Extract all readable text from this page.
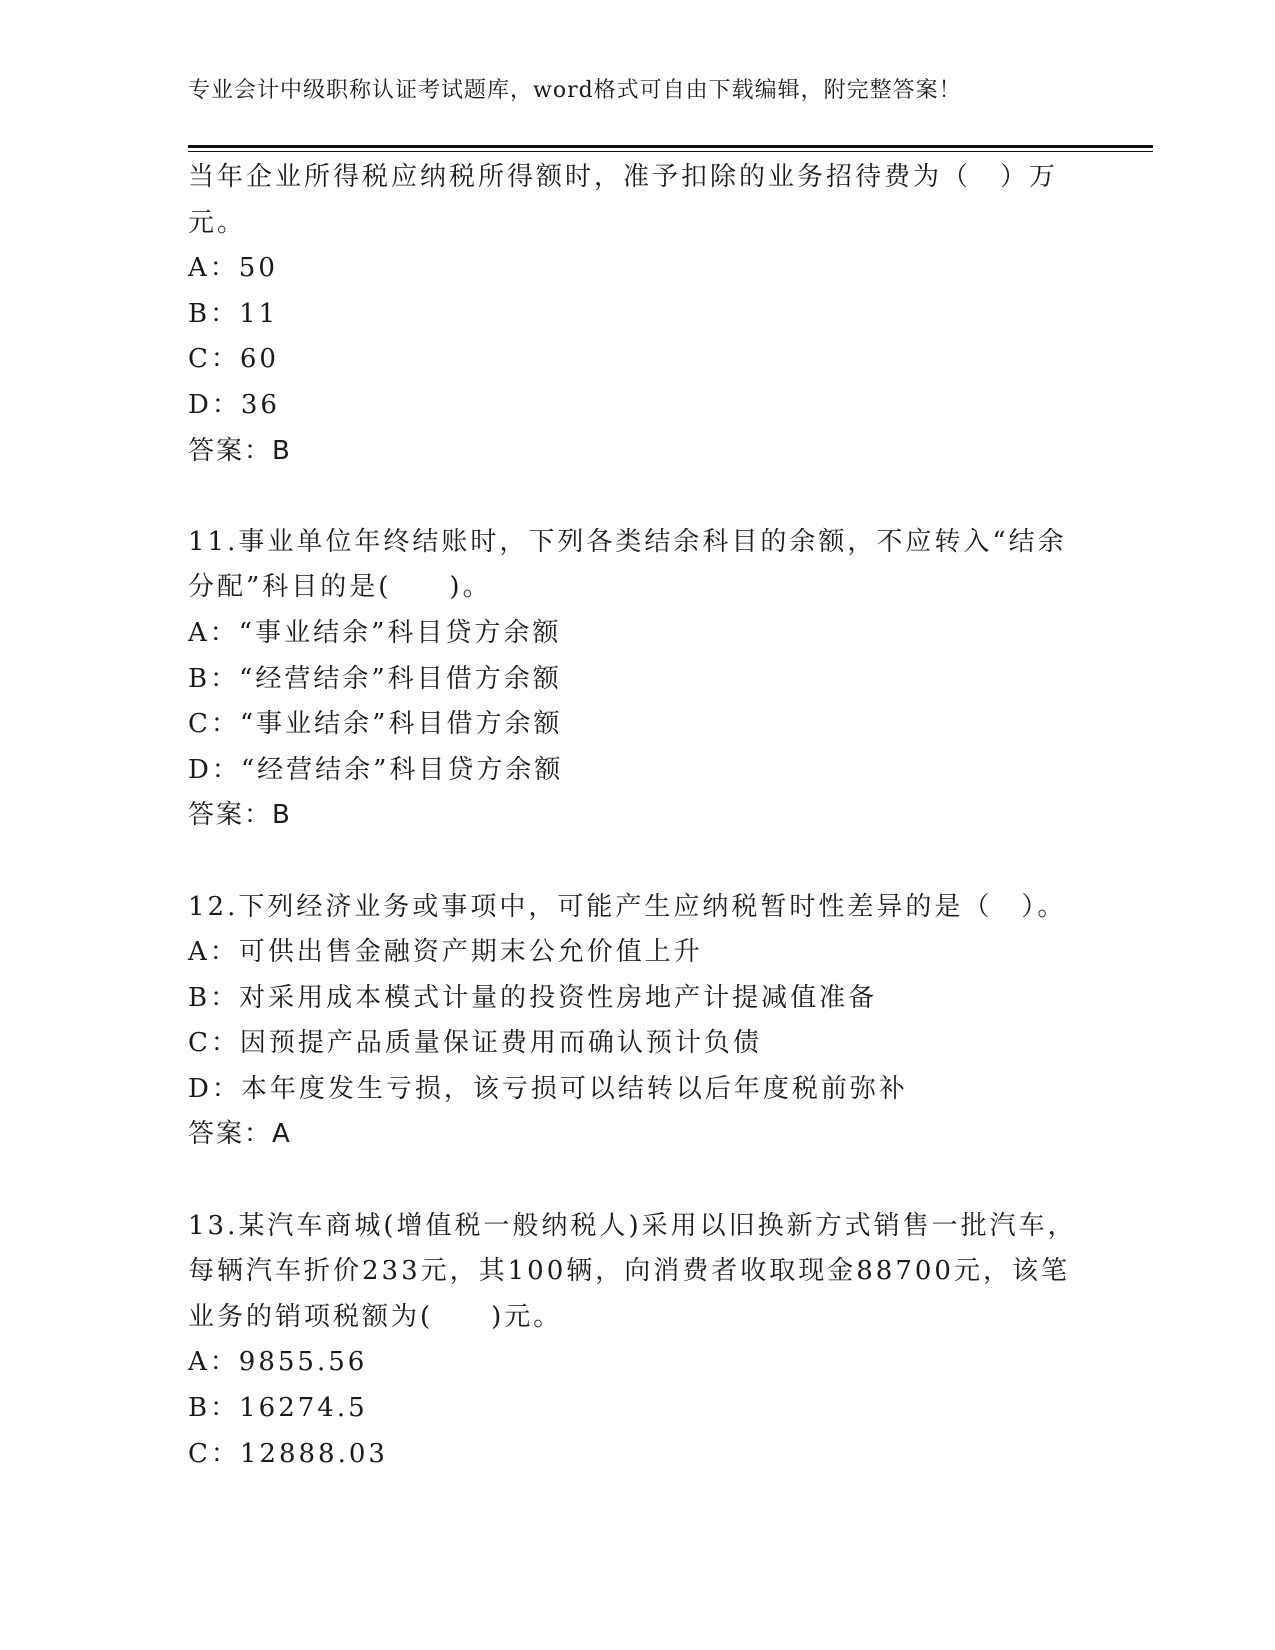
专业会计中级职称认证考试题库，word格式可自由下载编辑，附完整答案！

当年企业所得税应纳税所得额时，准予扣除的业务招待费为（　）万

元。

A：50

B：11

C：60

D：36

答案：B

11.事业单位年终结账时，下列各类结余科目的余额，不应转入“结余

分配”科目的是(　　)。

A：“事业结余”科目贷方余额

B：“经营结余”科目借方余额

C：“事业结余”科目借方余额

D：“经营结余”科目贷方余额

答案：B

12.下列经济业务或事项中，可能产生应纳税暂时性差异的是（　）。

A：可供出售金融资产期末公允价值上升

B：对采用成本模式计量的投资性房地产计提减值准备

C：因预提产品质量保证费用而确认预计负债

D：本年度发生亏损，该亏损可以结转以后年度税前弥补

答案：A

13.某汽车商城(增值税一般纳税人)采用以旧换新方式销售一批汽车，

每辆汽车折价233元，其100辆，向消费者收取现金88700元，该笔

业务的销项税额为(　　)元。

A：9855.56

B：16274.5

C：12888.03
